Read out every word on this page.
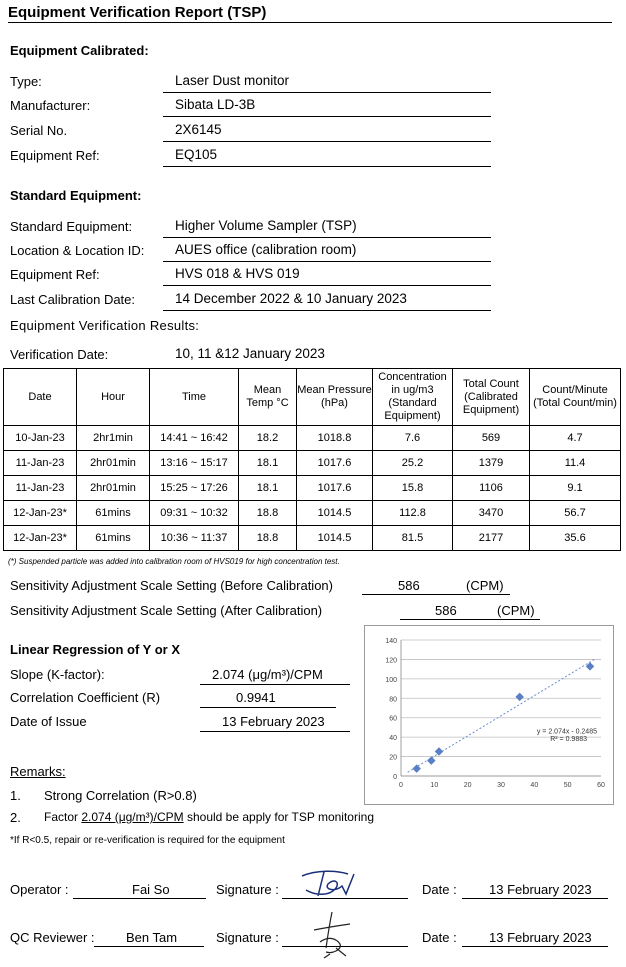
Equipment Verification Report (TSP)
Equipment Calibrated:
Type:	Laser Dust monitor
Manufacturer:	Sibata LD-3B
Serial No.	2X6145
Equipment Ref:	EQ105
Standard Equipment:
Standard Equipment:	Higher Volume Sampler (TSP)
Location & Location ID: AUES office (calibration room)
Equipment Ref:	HVS 018 & HVS 019
Last Calibration Date:	14 December 2022 & 10 January 2023
Equipment Verification Results:
Verification Date:	10, 11 &12 January 2023
Date	Hour	Time	Mean Temp °C	Mean Pressure (hPa)	Concentration in ug/m3 (Standard Equipment)	Total Count (Calibrated Equipment)	Count/Minute (Total Count/min)
10-Jan-23	2hr1min	14:41 ~ 16:42	18.2	1018.8	7.6	569	4.7
11-Jan-23	2hr01min	13:16 ~ 15:17	18.1	1017.6	25.2	1379	11.4
11-Jan-23	2hr01min	15:25 ~ 17:26	18.1	1017.6	15.8	1106	9.1
12-Jan-23*	61mins	09:31 ~ 10:32	18.8	1014.5	112.8	3470	56.7
12-Jan-23*	61mins	10:36 ~ 11:37	18.8	1014.5	81.5	2177	35.6
(*) Suspended particle was added into calibration room of HVS019 for high concentration test.
Sensitivity Adjustment Scale Setting (Before Calibration)	586	(CPM)
Sensitivity Adjustment Scale Setting (After Calibration)	586	(CPM)
Linear Regression of Y or X
Slope (K-factor):	2.074 (μg/m³)/CPM
Correlation Coefficient (R)	0.9941
Date of Issue	13 February 2023
0
20
40
60
80
100
120
140
0	10	20	30	40	50	60
y = 2.074x - 0.2485
R² = 0.9883
Remarks:
1. Strong Correlation (R>0.8)
2. Factor 2.074 (μg/m³)/CPM should be apply for TSP monitoring
*If R<0.5, repair or re-verification is required for the equipment
Operator :	Fai So	Signature :	Date : 13 February 2023
QC Reviewer : Ben Tam	Signature :	Date : 13 February 2023
